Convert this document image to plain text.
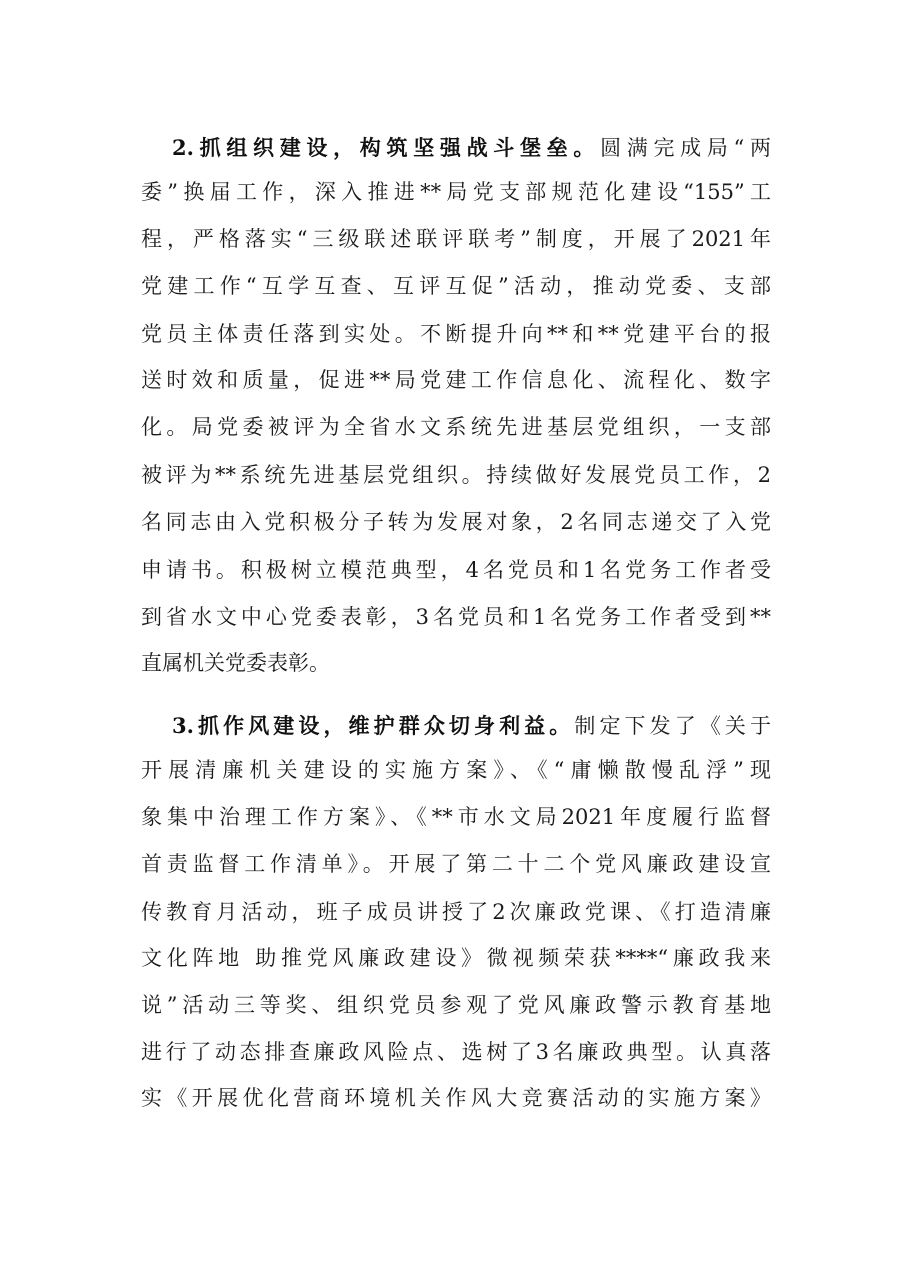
2.抓组织建设，构筑坚强战斗堡垒。圆满完成局“两
委”换届工作，深入推进**局党支部规范化建设“155”工
程，严格落实“三级联述联评联考”制度，开展了2021年
党建工作“互学互查、互评互促”活动，推动党委、支部
党员主体责任落到实处。不断提升向**和**党建平台的报
送时效和质量，促进**局党建工作信息化、流程化、数字
化。局党委被评为全省水文系统先进基层党组织，一支部
被评为**系统先进基层党组织。持续做好发展党员工作，2
名同志由入党积极分子转为发展对象，2名同志递交了入党
申请书。积极树立模范典型，4名党员和1名党务工作者受
到省水文中心党委表彰，3名党员和1名党务工作者受到**
直属机关党委表彰。
3.抓作风建设，维护群众切身利益。制定下发了《关于
开展清廉机关建设的实施方案》、《“庸懒散慢乱浮”现
象集中治理工作方案》、《**市水文局2021年度履行监督
首责监督工作清单》。开展了第二十二个党风廉政建设宣
传教育月活动，班子成员讲授了2次廉政党课、《打造清廉
文化阵地 助推党风廉政建设》微视频荣获****“廉政我来
说”活动三等奖、组织党员参观了党风廉政警示教育基地
进行了动态排查廉政风险点、选树了3名廉政典型。认真落
实《开展优化营商环境机关作风大竞赛活动的实施方案》
